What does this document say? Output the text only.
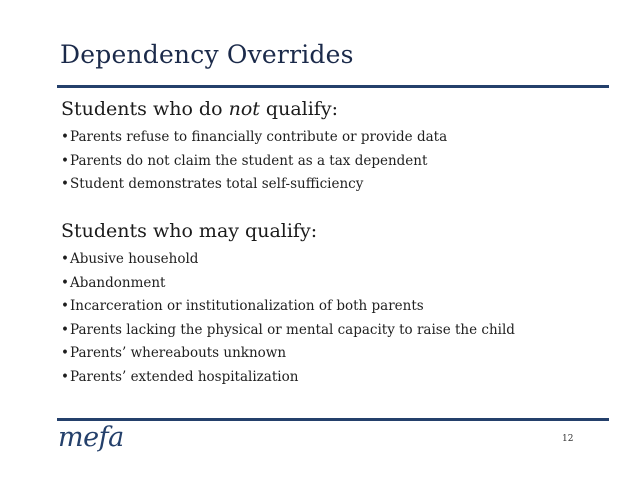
Dependency Overrides

Students who do not qualify:

•Parents refuse to financially contribute or provide data
•Parents do not claim the student as a tax dependent
•Student demonstrates total self-sufficiency

Students who may qualify:

•Abusive household
•Abandonment
•Incarceration or institutionalization of both parents
•Parents lacking the physical or mental capacity to raise the child
•Parents’ whereabouts unknown
•Parents’ extended hospitalization
mefa	12
